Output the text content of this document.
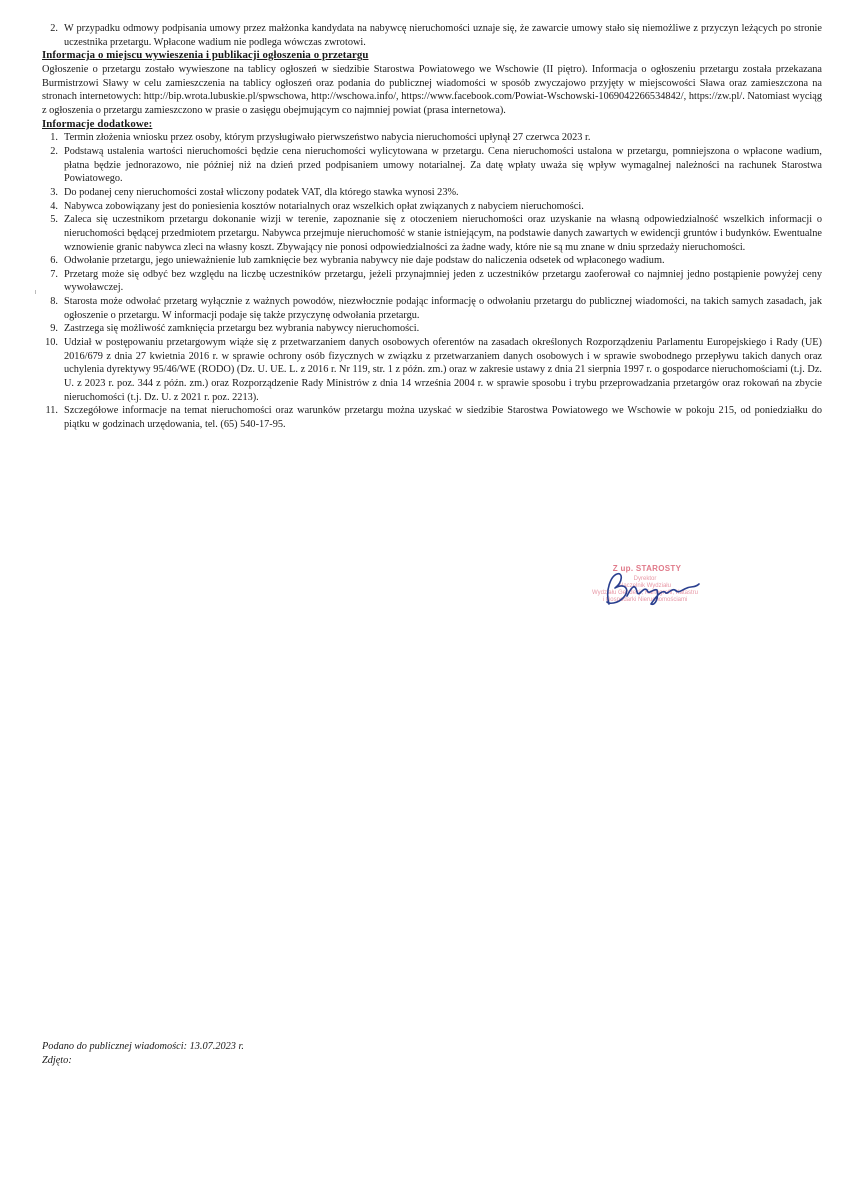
2. W przypadku odmowy podpisania umowy przez małżonka kandydata na nabywcę nieruchomości uznaje się, że zawarcie umowy stało się niemożliwe z przyczyn leżących po stronie uczestnika przetargu. Wpłacone wadium nie podlega wówczas zwrotowi.
Informacja o miejscu wywieszenia i publikacji ogłoszenia o przetargu
Ogłoszenie o przetargu zostało wywieszone na tablicy ogłoszeń w siedzibie Starostwa Powiatowego we Wschowie (II piętro). Informacja o ogłoszeniu przetargu została przekazana Burmistrzowi Sławy w celu zamieszczenia na tablicy ogłoszeń oraz podania do publicznej wiadomości w sposób zwyczajowo przyjęty w miejscowości Sława oraz zamieszczona na stronach internetowych: http://bip.wrota.lubuskie.pl/spwschowa, http://wschowa.info/, https://www.facebook.com/Powiat-Wschowski-1069042266534842/, https://zw.pl/. Natomiast wyciąg z ogłoszenia o przetargu zamieszczono w prasie o zasięgu obejmującym co najmniej powiat (prasa internetowa).
Informacje dodatkowe:
1. Termin złożenia wniosku przez osoby, którym przysługiwało pierwszeństwo nabycia nieruchomości upłynął 27 czerwca 2023 r.
2. Podstawą ustalenia wartości nieruchomości będzie cena nieruchomości wylicytowana w przetargu. Cena nieruchomości ustalona w przetargu, pomniejszona o wpłacone wadium, płatna będzie jednorazowo, nie później niż na dzień przed podpisaniem umowy notarialnej. Za datę wpłaty uważa się wpływ wymagalnej należności na rachunek Starostwa Powiatowego.
3. Do podanej ceny nieruchomości został wliczony podatek VAT, dla którego stawka wynosi 23%.
4. Nabywca zobowiązany jest do poniesienia kosztów notarialnych oraz wszelkich opłat związanych z nabyciem nieruchomości.
5. Zaleca się uczestnikom przetargu dokonanie wizji w terenie, zapoznanie się z otoczeniem nieruchomości oraz uzyskanie na własną odpowiedzialność wszelkich informacji o nieruchomości będącej przedmiotem przetargu. Nabywca przejmuje nieruchomość w stanie istniejącym, na podstawie danych zawartych w ewidencji gruntów i budynków. Ewentualne wznowienie granic nabywca zleci na własny koszt. Zbywający nie ponosi odpowiedzialności za żadne wady, które nie są mu znane w dniu sprzedaży nieruchomości.
6. Odwołanie przetargu, jego unieważnienie lub zamknięcie bez wybrania nabywcy nie daje podstaw do naliczenia odsetek od wpłaconego wadium.
7. Przetarg może się odbyć bez względu na liczbę uczestników przetargu, jeżeli przynajmniej jeden z uczestników przetargu zaoferował co najmniej jedno postąpienie powyżej ceny wywoławczej.
8. Starosta może odwołać przetarg wyłącznie z ważnych powodów, niezwłocznie podając informację o odwołaniu przetargu do publicznej wiadomości, na takich samych zasadach, jak ogłoszenie o przetargu. W informacji podaje się także przyczynę odwołania przetargu.
9. Zastrzega się możliwość zamknięcia przetargu bez wybrania nabywcy nieruchomości.
10. Udział w postępowaniu przetargowym wiąże się z przetwarzaniem danych osobowych oferentów na zasadach określonych Rozporządzeniu Parlamentu Europejskiego i Rady (UE) 2016/679 z dnia 27 kwietnia 2016 r. w sprawie ochrony osób fizycznych w związku z przetwarzaniem danych osobowych i w sprawie swobodnego przepływu takich danych oraz uchylenia dyrektywy 95/46/WE (RODO) (Dz. U. UE. L. z 2016 r. Nr 119, str. 1 z późn. zm.) oraz w zakresie ustawy z dnia 21 sierpnia 1997 r. o gospodarce nieruchomościami (t.j. Dz. U. z 2023 r. poz. 344 z późn. zm.) oraz Rozporządzenie Rady Ministrów z dnia 14 września 2004 r. w sprawie sposobu i trybu przeprowadzania przetargów oraz rokowań na zbycie nieruchomości (t.j. Dz. U. z 2021 r. poz. 2213).
11. Szczegółowe informacje na temat nieruchomości oraz warunków przetargu można uzyskać w siedzibie Starostwa Powiatowego we Wschowie w pokoju 215, od poniedziałku do piątku w godzinach urzędowania, tel. (65) 540-17-95.
Z up. STAROSTY
Dyrektor
Naczelnik Wydziału
Wydziału Geodezji, Kartografii, Katastru
i Gospodarki Nieruchomościami
Podano do publicznej wiadomości: 13.07.2023 r.
Zdjęto:
